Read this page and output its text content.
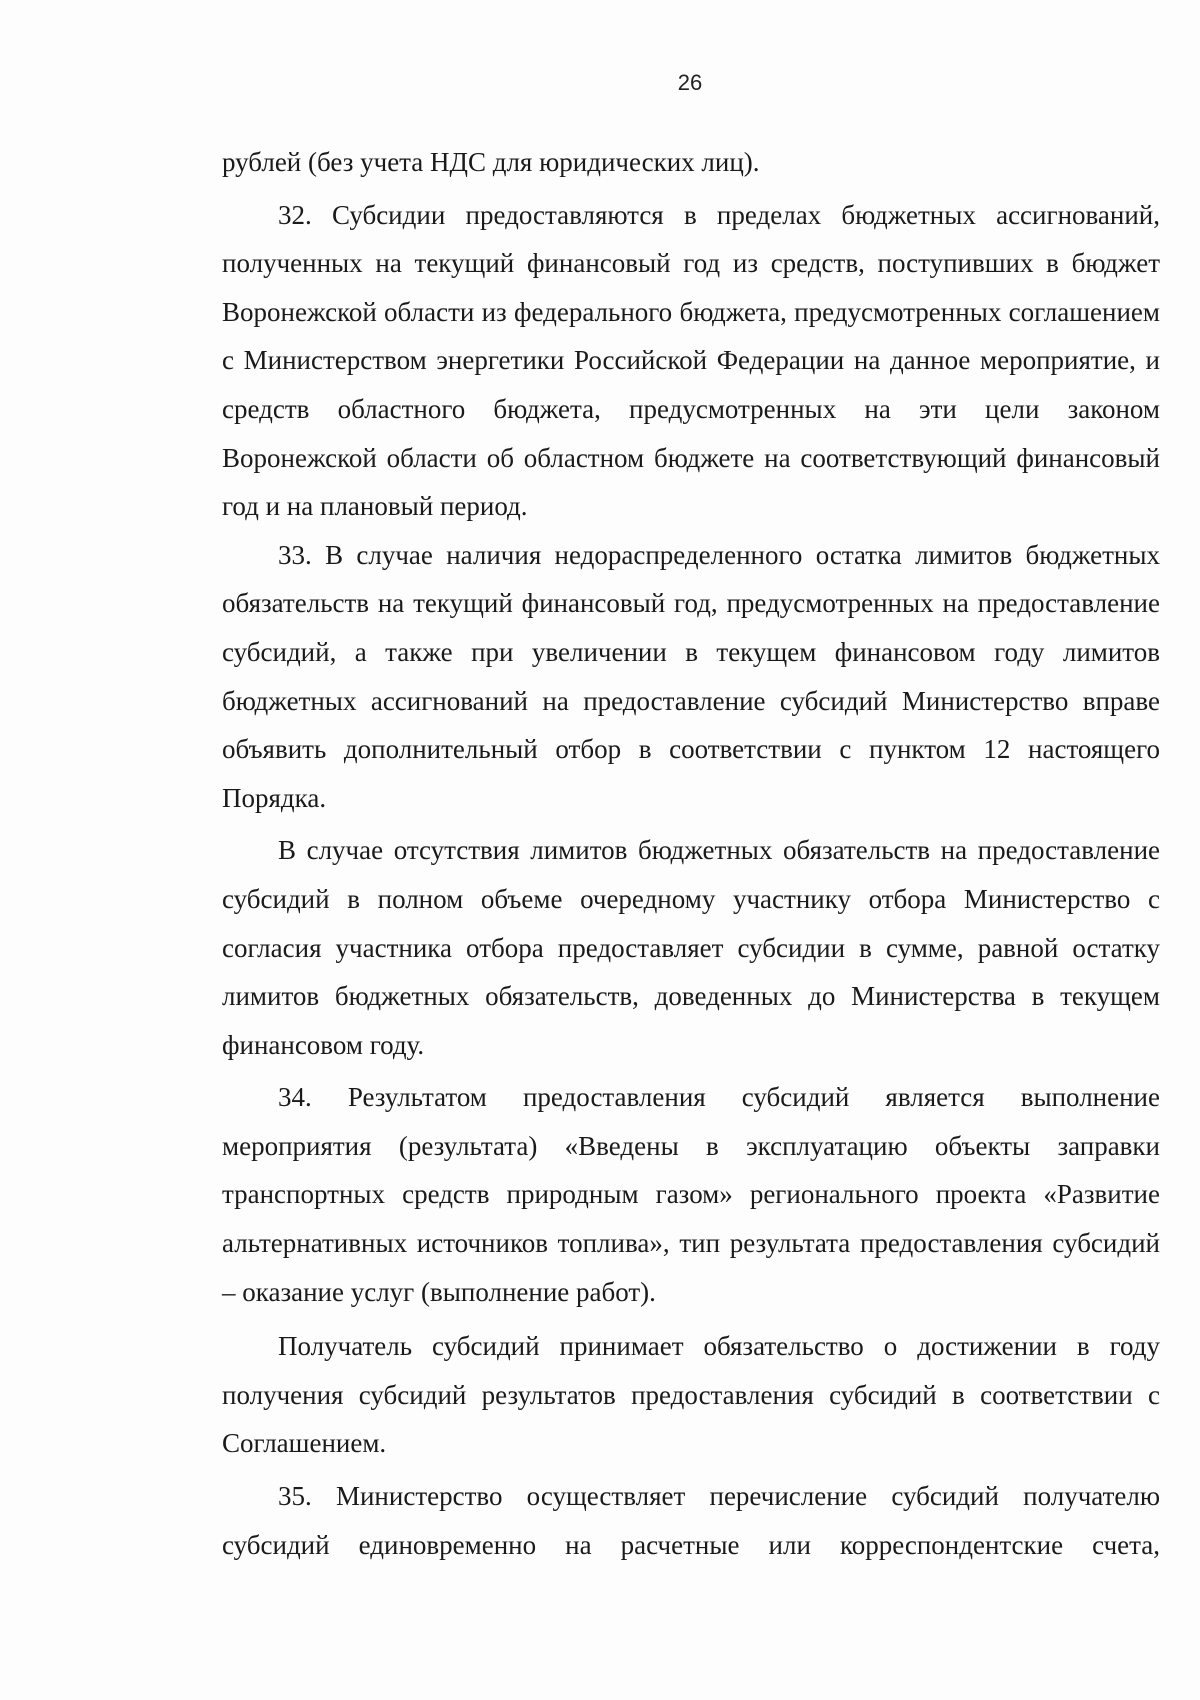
26

рублей (без учета НДС для юридических лиц).

32. Субсидии предоставляются в пределах бюджетных ассигнований, полученных на текущий финансовый год из средств, поступивших в бюджет Воронежской области из федерального бюджета, предусмотренных соглашением с Министерством энергетики Российской Федерации на данное мероприятие, и средств областного бюджета, предусмотренных на эти цели законом Воронежской области об областном бюджете на соответствующий финансовый год и на плановый период.

33. В случае наличия недораспределенного остатка лимитов бюджетных обязательств на текущий финансовый год, предусмотренных на предоставление субсидий, а также при увеличении в текущем финансовом году лимитов бюджетных ассигнований на предоставление субсидий Министерство вправе объявить дополнительный отбор в соответствии с пунктом 12 настоящего Порядка.

В случае отсутствия лимитов бюджетных обязательств на предоставление субсидий в полном объеме очередному участнику отбора Министерство с согласия участника отбора предоставляет субсидии в сумме, равной остатку лимитов бюджетных обязательств, доведенных до Министерства в текущем финансовом году.

34. Результатом предоставления субсидий является выполнение мероприятия (результата) «Введены в эксплуатацию объекты заправки транспортных средств природным газом» регионального проекта «Развитие альтернативных источников топлива», тип результата предоставления субсидий – оказание услуг (выполнение работ).

Получатель субсидий принимает обязательство о достижении в году получения субсидий результатов предоставления субсидий в соответствии с Соглашением.

35. Министерство осуществляет перечисление субсидий получателю субсидий единовременно на расчетные или корреспондентские счета,
